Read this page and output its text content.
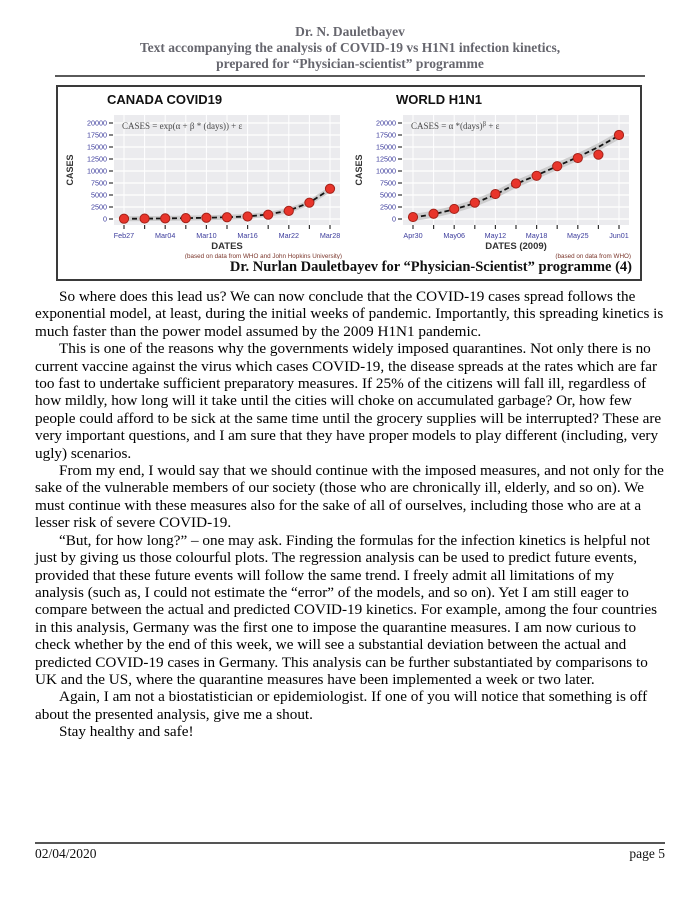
Dr. N. Dauletbayev
Text accompanying the analysis of COVID-19 vs H1N1 infection kinetics,
prepared for “Physician-scientist” programme
0
2500
5000
7500
10000
12500
15000
17500
20000
Feb27	Mar04	Mar10	Mar16	Mar22	Mar28
CANADA COVID19
CASES = exp(α + β * (days)) + ε
CASES
DATES
(based on data from WHO and John Hopkins University)
0
2500
5000
7500
10000
12500
15000
17500
20000
Apr30	May06	May12	May18	May25	Jun01
WORLD H1N1
CASES = α *(days)$^\beta$ + ε
CASES
DATES (2009)
(based on data from WHO)
Dr. Nurlan Dauletbayev for “Physician-Scientist” programme (4)

So where does this lead us? We can now conclude that the COVID-19 cases spread follows the exponential model, at least, during the initial weeks of pandemic. Importantly, this spreading kinetics is much faster than the power model assumed by the 2009 H1N1 pandemic.

This is one of the reasons why the governments widely imposed quarantines. Not only there is no current vaccine against the virus which cases COVID-19, the disease spreads at the rates which are far too fast to undertake sufficient preparatory measures. If 25% of the citizens will fall ill, regardless of how mildly, how long will it take until the cities will choke on accumulated garbage? Or, how few people could afford to be sick at the same time until the grocery supplies will be interrupted? These are very important questions, and I am sure that they have proper models to play different (including, very ugly) scenarios.

From my end, I would say that we should continue with the imposed measures, and not only for the sake of the vulnerable members of our society (those who are chronically ill, elderly, and so on). We must continue with these measures also for the sake of all of ourselves, including those who are at a lesser risk of severe COVID-19.

“But, for how long?” – one may ask. Finding the formulas for the infection kinetics is helpful not just by giving us those colourful plots. The regression analysis can be used to predict future events, provided that these future events will follow the same trend. I freely admit all limitations of my analysis (such as, I could not estimate the “error” of the models, and so on). Yet I am still eager to compare between the actual and predicted COVID-19 kinetics. For example, among the four countries in this analysis, Germany was the first one to impose the quarantine measures. I am now curious to check whether by the end of this week, we will see a substantial deviation between the actual and predicted COVID-19 cases in Germany. This analysis can be further substantiated by comparisons to UK and the US, where the quarantine measures have been implemented a week or two later.

Again, I am not a biostatistician or epidemiologist. If one of you will notice that something is off about the presented analysis, give me a shout.

Stay healthy and safe!

02/04/2020	page 5
